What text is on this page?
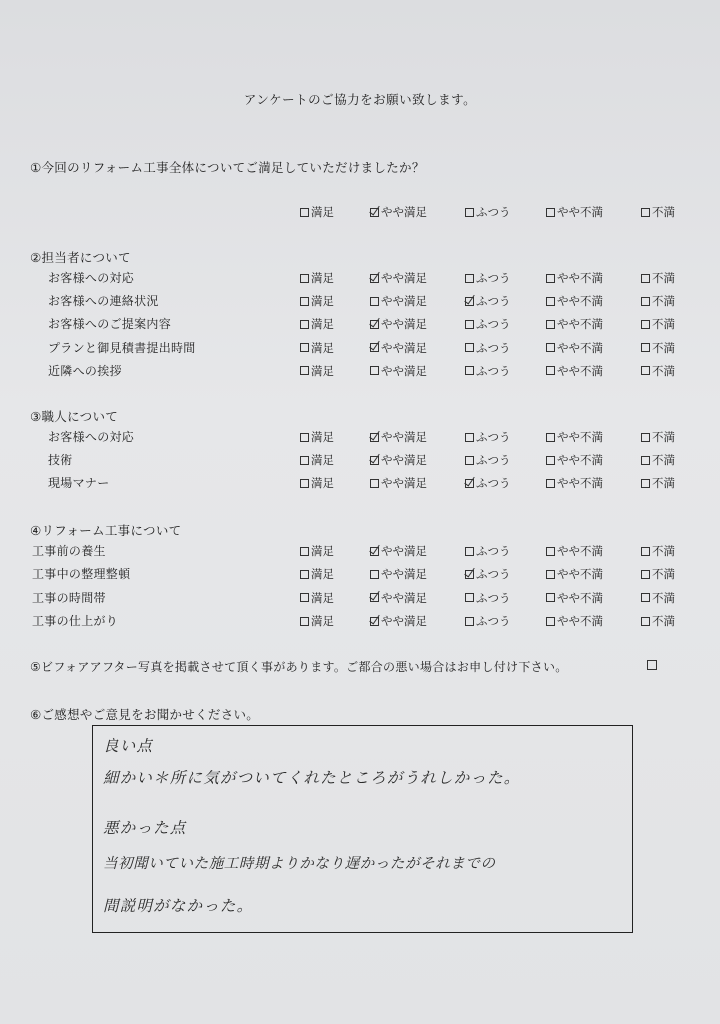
アンケートのご協力をお願い致します。
①今回のリフォーム工事全体についてご満足していただけましたか？
満足	やや満足	ふつう	やや不満	不満
②担当者について
お客様への対応	満足	やや満足	ふつう	やや不満	不満
お客様への連絡状況	満足	やや満足	ふつう	やや不満	不満
お客様へのご提案内容	満足	やや満足	ふつう	やや不満	不満
プランと御見積書提出時間	満足	やや満足	ふつう	やや不満	不満
近隣への挨拶	満足	やや満足	ふつう	やや不満	不満
③職人について
お客様への対応	満足	やや満足	ふつう	やや不満	不満
技術	満足	やや満足	ふつう	やや不満	不満
現場マナー	満足	やや満足	ふつう	やや不満	不満
④リフォーム工事について
工事前の養生	満足	やや満足	ふつう	やや不満	不満
工事中の整理整頓	満足	やや満足	ふつう	やや不満	不満
工事の時間帯	満足	やや満足	ふつう	やや不満	不満
工事の仕上がり	満足	やや満足	ふつう	やや不満	不満
⑤ビフォアアフター写真を掲載させて頂く事があります。ご都合の悪い場合はお申し付け下さい。
⑥ご感想やご意見をお聞かせください。
良い点
細かい＊所に気がついてくれたところがうれしかった。
悪かった点
当初聞いていた施工時期よりかなり遅かったがそれまでの
間説明がなかった。
